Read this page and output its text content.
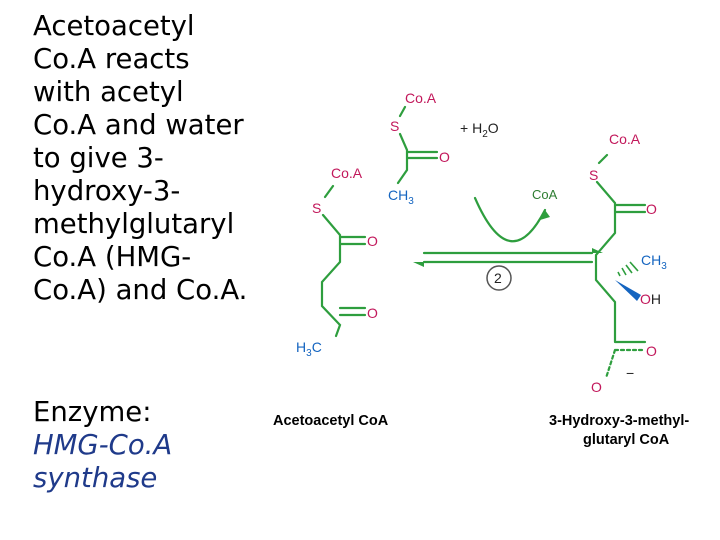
Acetoacetyl
Co.A reacts
with acetyl
Co.A and water
to give 3-
hydroxy-3-
methylglutaryl
Co.A (HMG-
Co.A) and Co.A.
Enzyme:
HMG-Co.A
synthase
Co.A
S
O
$CH_3$
+ $H_2O$
Co.A
S
O
O
$H_3C$
CoA
2
Co.A
S
O
$CH_3$
OH
O
O
−
Acetoacetyl CoA	3-Hydroxy-3-methyl-
glutaryl CoA
